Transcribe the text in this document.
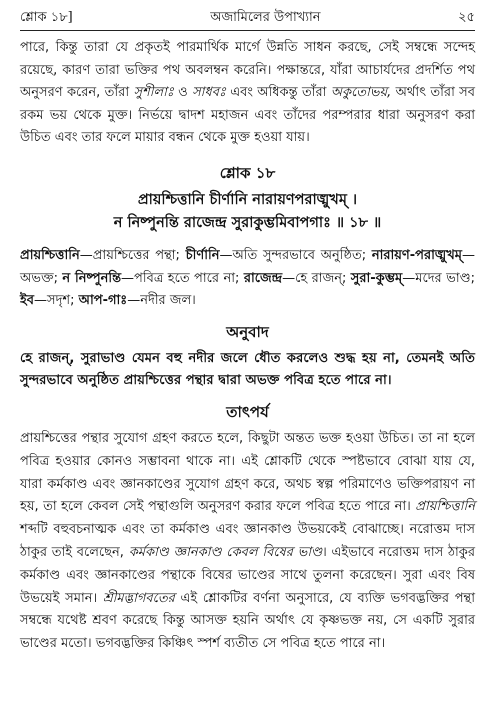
শ্লোক ১৮]	অজামিলের উপাখ্যান	২৫

পারে, কিন্তু তারা যে প্রকৃতই পারমার্থিক মার্গে উন্নতি সাধন করছে, সেই সম্বন্ধে সন্দেহ রয়েছে, কারণ তারা ভক্তির পথ অবলম্বন করেনি। পক্ষান্তরে, যাঁরা আচার্যদের প্রদর্শিত পথ অনুসরণ করেন, তাঁরা সুশীলাঃ ও সাধবঃ এবং অধিকন্তু তাঁরা অকুতোভয়, অর্থাৎ তাঁরা সব রকম ভয় থেকে মুক্ত। নির্ভয়ে দ্বাদশ মহাজন এবং তাঁদের পরম্পরার ধারা অনুসরণ করা উচিত এবং তার ফলে মায়ার বন্ধন থেকে মুক্ত হওয়া যায়।

শ্লোক ১৮
প্রায়শ্চিত্তানি চীর্ণানি নারায়ণপরাঙ্মুখম্ ।
ন নিষ্পুনন্তি রাজেন্দ্র সুরাকুম্ভমিবাপগাঃ ॥ ১৮ ॥
প্রায়শ্চিত্তানি—প্রায়শ্চিত্তের পন্থা; চীর্ণানি—অতি সুন্দরভাবে অনুষ্ঠিত; নারায়ণ-পরাঙ্মুখম্—অভক্ত; ন নিষ্পুনন্তি—পবিত্র হতে পারে না; রাজেন্দ্র—হে রাজন্; সুরা-কুম্ভম্—মদের ভাণ্ড; ইব—সদৃশ; আপ-গাঃ—নদীর জল।
অনুবাদ

হে রাজন্, সুরাভাণ্ড যেমন বহু নদীর জলে ধৌত করলেও শুদ্ধ হয় না, তেমনই অতি সুন্দরভাবে অনুষ্ঠিত প্রায়শ্চিত্তের পন্থার দ্বারা অভক্ত পবিত্র হতে পারে না।

তাৎপর্য

প্রায়শ্চিত্তের পন্থার সুযোগ গ্রহণ করতে হলে, কিছুটা অন্তত ভক্ত হওয়া উচিত। তা না হলে পবিত্র হওয়ার কোনও সম্ভাবনা থাকে না। এই শ্লোকটি থেকে স্পষ্টভাবে বোঝা যায় যে, যারা কর্মকাণ্ড এবং জ্ঞানকাণ্ডের সুযোগ গ্রহণ করে, অথচ স্বল্প পরিমাণেও ভক্তিপরায়ণ না হয়, তা হলে কেবল সেই পন্থাগুলি অনুসরণ করার ফলে পবিত্র হতে পারে না। প্রায়শ্চিত্তানি শব্দটি বহুবচনাত্মক এবং তা কর্মকাণ্ড এবং জ্ঞানকাণ্ড উভয়কেই বোঝাচ্ছে। নরোত্তম দাস ঠাকুর তাই বলেছেন, কর্মকাণ্ড জ্ঞানকাণ্ড কেবল বিষের ভাণ্ড। এইভাবে নরোত্তম দাস ঠাকুর কর্মকাণ্ড এবং জ্ঞানকাণ্ডের পন্থাকে বিষের ভাণ্ডের সাথে তুলনা করেছেন। সুরা এবং বিষ উভয়েই সমান। শ্রীমদ্ভাগবতের এই শ্লোকটির বর্ণনা অনুসারে, যে ব্যক্তি ভগবদ্ভক্তির পন্থা সম্বন্ধে যথেষ্ট শ্রবণ করেছে কিন্তু আসক্ত হয়নি অর্থাৎ যে কৃষ্ণভক্ত নয়, সে একটি সুরার ভাণ্ডের মতো। ভগবদ্ভক্তির কিঞ্চিৎ স্পর্শ ব্যতীত সে পবিত্র হতে পারে না।
